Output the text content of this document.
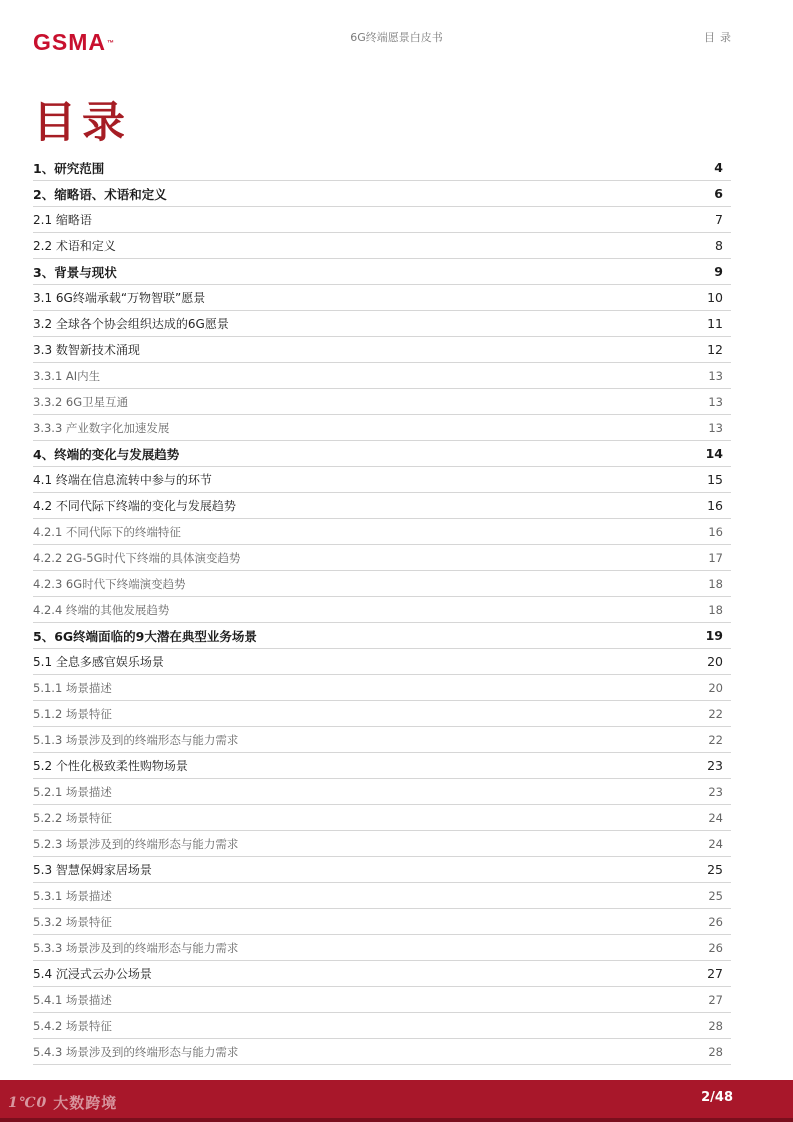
GSMA™	6G终端愿景白皮书	目录
目录
1、研究范围	4
2、缩略语、术语和定义	6
2.1 缩略语	7
2.2 术语和定义	8
3、背景与现状	9
3.1 6G终端承载“万物智联”愿景	10
3.2 全球各个协会组织达成的6G愿景	11
3.3 数智新技术涌现	12
3.3.1 AI内生	13
3.3.2 6G卫星互通	13
3.3.3 产业数字化加速发展	13
4、终端的变化与发展趋势	14
4.1 终端在信息流转中参与的环节	15
4.2 不同代际下终端的变化与发展趋势	16
4.2.1 不同代际下的终端特征	16
4.2.2 2G-5G时代下终端的具体演变趋势	17
4.2.3 6G时代下终端演变趋势	18
4.2.4 终端的其他发展趋势	18
5、6G终端面临的9大潜在典型业务场景	19
5.1 全息多感官娱乐场景	20
5.1.1 场景描述	20
5.1.2 场景特征	22
5.1.3 场景涉及到的终端形态与能力需求	22
5.2 个性化极致柔性购物场景	23
5.2.1 场景描述	23
5.2.2 场景特征	24
5.2.3 场景涉及到的终端形态与能力需求	24
5.3 智慧保姆家居场景	25
5.3.1 场景描述	25
5.3.2 场景特征	26
5.3.3 场景涉及到的终端形态与能力需求	26
5.4 沉浸式云办公场景	27
5.4.1 场景描述	27
5.4.2 场景特征	28
5.4.3 场景涉及到的终端形态与能力需求	28
1℃0 大数跨境	2/48
